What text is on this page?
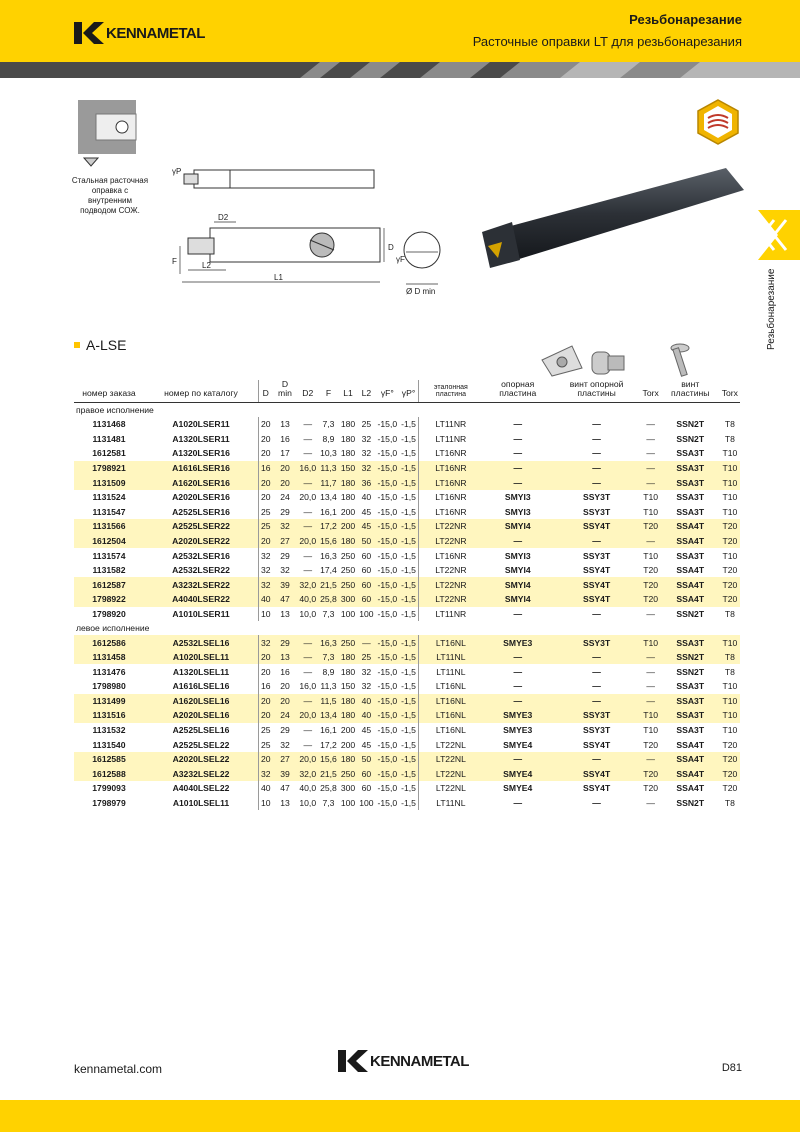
KENNAMETAL
Резьбонарезание
Расточные оправки LT для резьбонарезания
Резьбонарезание
Стальная расточная оправка с внутренним подводом СОЖ.
γP
D2
D
F	L2
L1
γF
Ø D min
A-LSE
номер заказа	номер по каталогу	D	D min	D2	F	L1	L2	γF°	γP°	эталонная пластина	опорная пластина	винт опорной пластины	Torx	винт пластины	Torx
правое исполнение															
1131468	A1020LSER11	20	13	—	7,3	180	25	-15,0	-1,5	LT11NR	—	—	—	SSN2T	T8
1131481	A1320LSER11	20	16	—	8,9	180	32	-15,0	-1,5	LT11NR	—	—	—	SSN2T	T8
1612581	A1320LSER16	20	17	—	10,3	180	32	-15,0	-1,5	LT16NR	—	—	—	SSA3T	T10
1798921	A1616LSER16	16	20	16,0	11,3	150	32	-15,0	-1,5	LT16NR	—	—	—	SSA3T	T10
1131509	A1620LSER16	20	20	—	11,7	180	36	-15,0	-1,5	LT16NR	—	—	—	SSA3T	T10
1131524	A2020LSER16	20	24	20,0	13,4	180	40	-15,0	-1,5	LT16NR	SMYI3	SSY3T	T10	SSA3T	T10
1131547	A2525LSER16	25	29	—	16,1	200	45	-15,0	-1,5	LT16NR	SMYI3	SSY3T	T10	SSA3T	T10
1131566	A2525LSER22	25	32	—	17,2	200	45	-15,0	-1,5	LT22NR	SMYI4	SSY4T	T20	SSA4T	T20
1612504	A2020LSER22	20	27	20,0	15,6	180	50	-15,0	-1,5	LT22NR	—	—	—	SSA4T	T20
1131574	A2532LSER16	32	29	—	16,3	250	60	-15,0	-1,5	LT16NR	SMYI3	SSY3T	T10	SSA3T	T10
1131582	A2532LSER22	32	32	—	17,4	250	60	-15,0	-1,5	LT22NR	SMYI4	SSY4T	T20	SSA4T	T20
1612587	A3232LSER22	32	39	32,0	21,5	250	60	-15,0	-1,5	LT22NR	SMYI4	SSY4T	T20	SSA4T	T20
1798922	A4040LSER22	40	47	40,0	25,8	300	60	-15,0	-1,5	LT22NR	SMYI4	SSY4T	T20	SSA4T	T20
1798920	A1010LSER11	10	13	10,0	7,3	100	100	-15,0	-1,5	LT11NR	—	—	—	SSN2T	T8
левое исполнение															
1612586	A2532LSEL16	32	29	—	16,3	250	—	-15,0	-1,5	LT16NL	SMYE3	SSY3T	T10	SSA3T	T10
1131458	A1020LSEL11	20	13	—	7,3	180	25	-15,0	-1,5	LT11NL	—	—	—	SSN2T	T8
1131476	A1320LSEL11	20	16	—	8,9	180	32	-15,0	-1,5	LT11NL	—	—	—	SSN2T	T8
1798980	A1616LSEL16	16	20	16,0	11,3	150	32	-15,0	-1,5	LT16NL	—	—	—	SSA3T	T10
1131499	A1620LSEL16	20	20	—	11,5	180	40	-15,0	-1,5	LT16NL	—	—	—	SSA3T	T10
1131516	A2020LSEL16	20	24	20,0	13,4	180	40	-15,0	-1,5	LT16NL	SMYE3	SSY3T	T10	SSA3T	T10
1131532	A2525LSEL16	25	29	—	16,1	200	45	-15,0	-1,5	LT16NL	SMYE3	SSY3T	T10	SSA3T	T10
1131540	A2525LSEL22	25	32	—	17,2	200	45	-15,0	-1,5	LT22NL	SMYE4	SSY4T	T20	SSA4T	T20
1612585	A2020LSEL22	20	27	20,0	15,6	180	50	-15,0	-1,5	LT22NL	—	—	—	SSA4T	T20
1612588	A3232LSEL22	32	39	32,0	21,5	250	60	-15,0	-1,5	LT22NL	SMYE4	SSY4T	T20	SSA4T	T20
1799093	A4040LSEL22	40	47	40,0	25,8	300	60	-15,0	-1,5	LT22NL	SMYE4	SSY4T	T20	SSA4T	T20
1798979	A1010LSEL11	10	13	10,0	7,3	100	100	-15,0	-1,5	LT11NL	—	—	—	SSN2T	T8
kennametal.com	KENNAMETAL	D81
